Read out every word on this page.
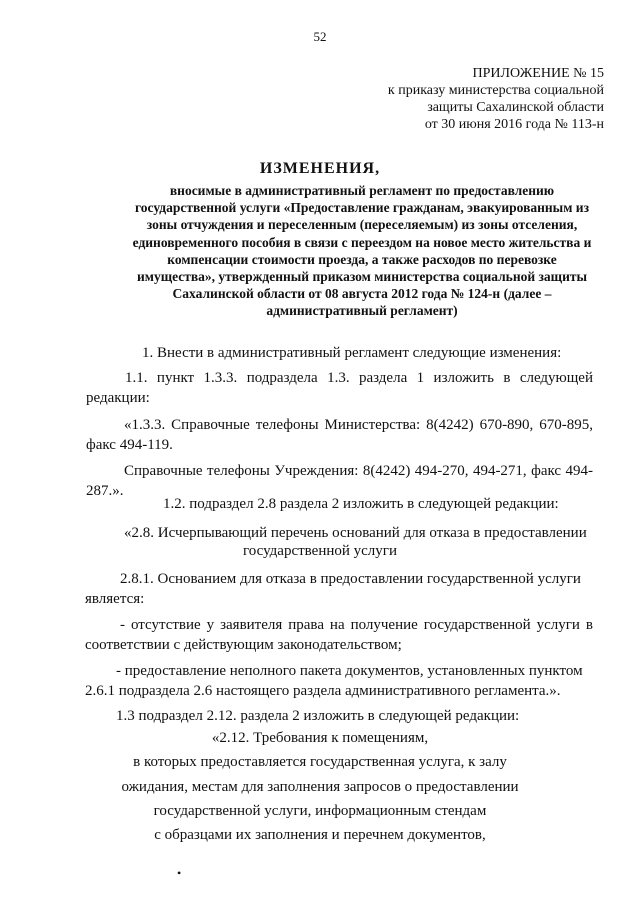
52
ПРИЛОЖЕНИЕ № 15
к приказу министерства социальной
защиты Сахалинской области
от 30 июня 2016 года № 113-н
ИЗМЕНЕНИЯ,
вносимые в административный регламент по предоставлению государственной услуги «Предоставление гражданам, эвакуированным из зоны отчуждения и переселенным (переселяемым) из зоны отселения, единовременного пособия в связи с переездом на новое место жительства и компенсации стоимости проезда, а также расходов по перевозке имущества», утвержденный приказом министерства социальной защиты Сахалинской области от 08 августа 2012 года № 124-н (далее – административный регламент)
1. Внести в административный регламент следующие изменения:
1.1. пункт 1.3.3. подраздела 1.3. раздела 1 изложить в следующей
редакции:
«1.3.3. Справочные телефоны Министерства: 8(4242) 670-890, 670-895,
факс 494-119.
Справочные телефоны Учреждения: 8(4242) 494-270, 494-271, факс 494-
287.».
1.2. подраздел 2.8 раздела 2 изложить в следующей редакции:
«2.8. Исчерпывающий перечень оснований для отказа в предоставлении
государственной услуги
2.8.1. Основанием для отказа в предоставлении государственной услуги
является:
- отсутствие у заявителя права на получение государственной услуги в
соответствии с действующим законодательством;
- предоставление неполного пакета документов, установленных пунктом
2.6.1 подраздела 2.6 настоящего раздела административного регламента.».
1.3 подраздел 2.12. раздела 2 изложить в следующей редакции:
«2.12. Требования к помещениям,
в которых предоставляется государственная услуга, к залу
ожидания, местам для заполнения запросов о предоставлении
государственной услуги, информационным стендам
с образцами их заполнения и перечнем документов,
•
